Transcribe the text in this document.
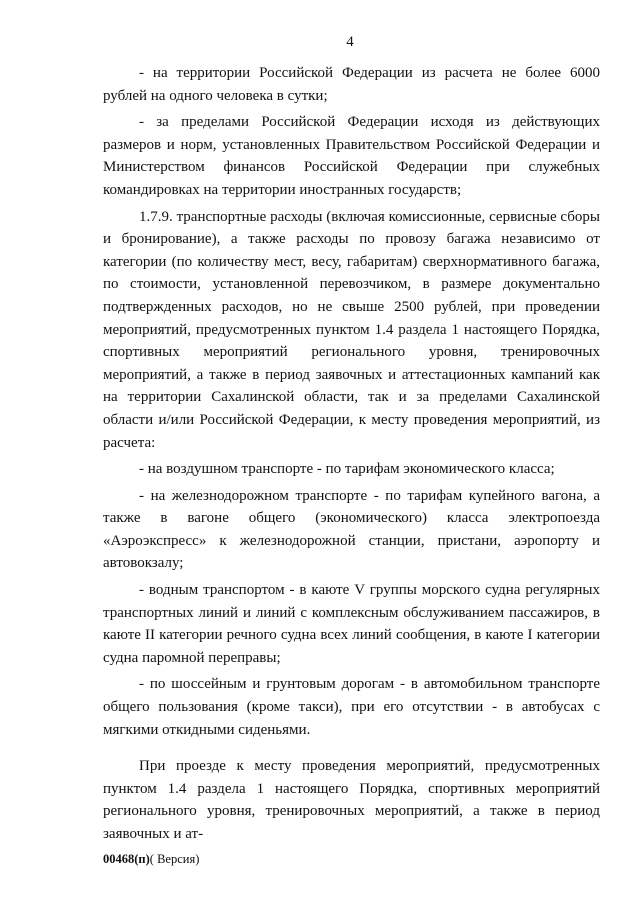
4

- на территории Российской Федерации из расчета не более 6000 рублей на одного человека в сутки;

- за пределами Российской Федерации исходя из действующих размеров и норм, установленных Правительством Российской Федерации и Министерством финансов Российской Федерации при служебных командировках на территории иностранных государств;

1.7.9. транспортные расходы (включая комиссионные, сервисные сборы и бронирование), а также расходы по провозу багажа независимо от категории (по количеству мест, весу, габаритам) сверхнормативного багажа, по стоимости, установленной перевозчиком, в размере документально подтвержденных расходов, но не свыше 2500 рублей, при проведении мероприятий, предусмотренных пунктом 1.4 раздела 1 настоящего Порядка, спортивных мероприятий регионального уровня, тренировочных мероприятий, а также в период заявочных и аттестационных кампаний как на территории Сахалинской области, так и за пределами Сахалинской области и/или Российской Федерации, к месту проведения мероприятий, из расчета:

- на воздушном транспорте - по тарифам экономического класса;

- на железнодорожном транспорте - по тарифам купейного вагона, а также в вагоне общего (экономического) класса электропоезда «Аэроэкспресс» к железнодорожной станции, пристани, аэропорту и автовокзалу;

- водным транспортом - в каюте V группы морского судна регулярных транспортных линий и линий с комплексным обслуживанием пассажиров, в каюте II категории речного судна всех линий сообщения, в каюте I категории судна паромной переправы;

- по шоссейным и грунтовым дорогам - в автомобильном транспорте общего пользования (кроме такси), при его отсутствии - в автобусах с мягкими откидными сиденьями.

При проезде к месту проведения мероприятий, предусмотренных пунктом 1.4 раздела 1 настоящего Порядка, спортивных мероприятий регионального уровня, тренировочных мероприятий, а также в период заявочных и ат-

00468(п)( Версия)
